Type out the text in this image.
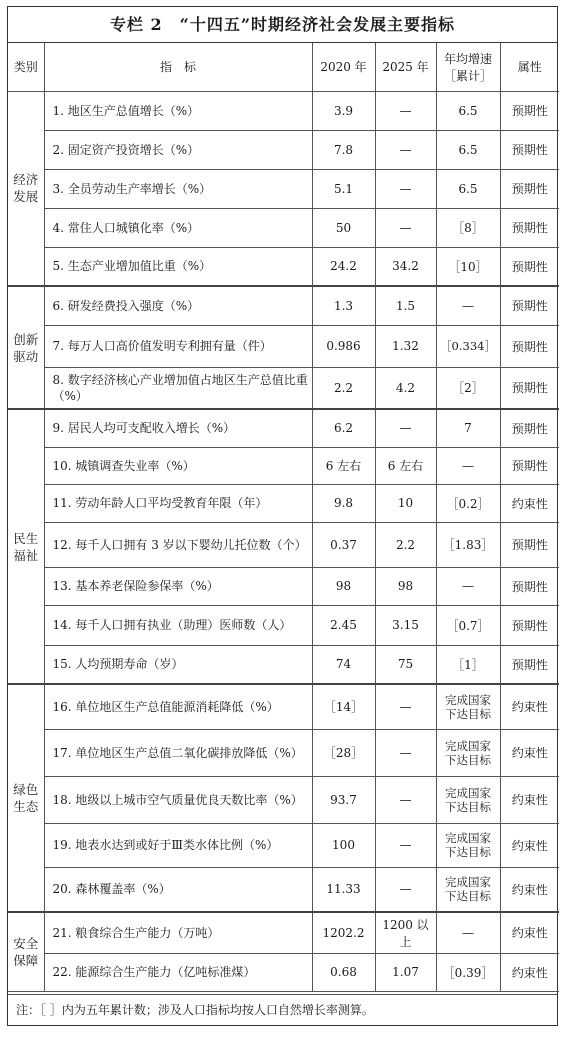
专栏 2　“十四五”时期经济社会发展主要指标
类别	指　标	2020 年	2025 年	年均增速［累计］	属性
经济发展	1. 地区生产总值增长（%）	3.9	—	6.5	预期性
	2. 固定资产投资增长（%）	7.8	—	6.5	预期性
	3. 全员劳动生产率增长（%）	5.1	—	6.5	预期性
	4. 常住人口城镇化率（%）	50	—	［8］	预期性
	5. 生态产业增加值比重（%）	24.2	34.2	［10］	预期性
创新驱动	6. 研发经费投入强度（%）	1.3	1.5	—	预期性
	7. 每万人口高价值发明专利拥有量（件）	0.986	1.32	［0.334］	预期性
	8. 数字经济核心产业增加值占地区生产总值比重（%）	2.2	4.2	［2］	预期性
民生福祉	9. 居民人均可支配收入增长（%）	6.2	—	7	预期性
	10. 城镇调查失业率（%）	6 左右	6 左右	—	预期性
	11. 劳动年龄人口平均受教育年限（年）	9.8	10	［0.2］	约束性
	12. 每千人口拥有 3 岁以下婴幼儿托位数（个）	0.37	2.2	［1.83］	预期性
	13. 基本养老保险参保率（%）	98	98	—	预期性
	14. 每千人口拥有执业（助理）医师数（人）	2.45	3.15	［0.7］	预期性
	15. 人均预期寿命（岁）	74	75	［1］	预期性
绿色生态	16. 单位地区生产总值能源消耗降低（%）	［14］	—	完成国家下达目标	约束性
	17. 单位地区生产总值二氧化碳排放降低（%）	［28］	—	完成国家下达目标	约束性
	18. 地级以上城市空气质量优良天数比率（%）	93.7	—	完成国家下达目标	约束性
	19. 地表水达到或好于Ⅲ类水体比例（%）	100	—	完成国家下达目标	约束性
	20. 森林覆盖率（%）	11.33	—	完成国家下达目标	约束性
安全保障	21. 粮食综合生产能力（万吨）	1202.2	1200 以上	—	约束性
	22. 能源综合生产能力（亿吨标准煤）	0.68	1.07	［0.39］	约束性
注：［ ］内为五年累计数；涉及人口指标均按人口自然增长率测算。
